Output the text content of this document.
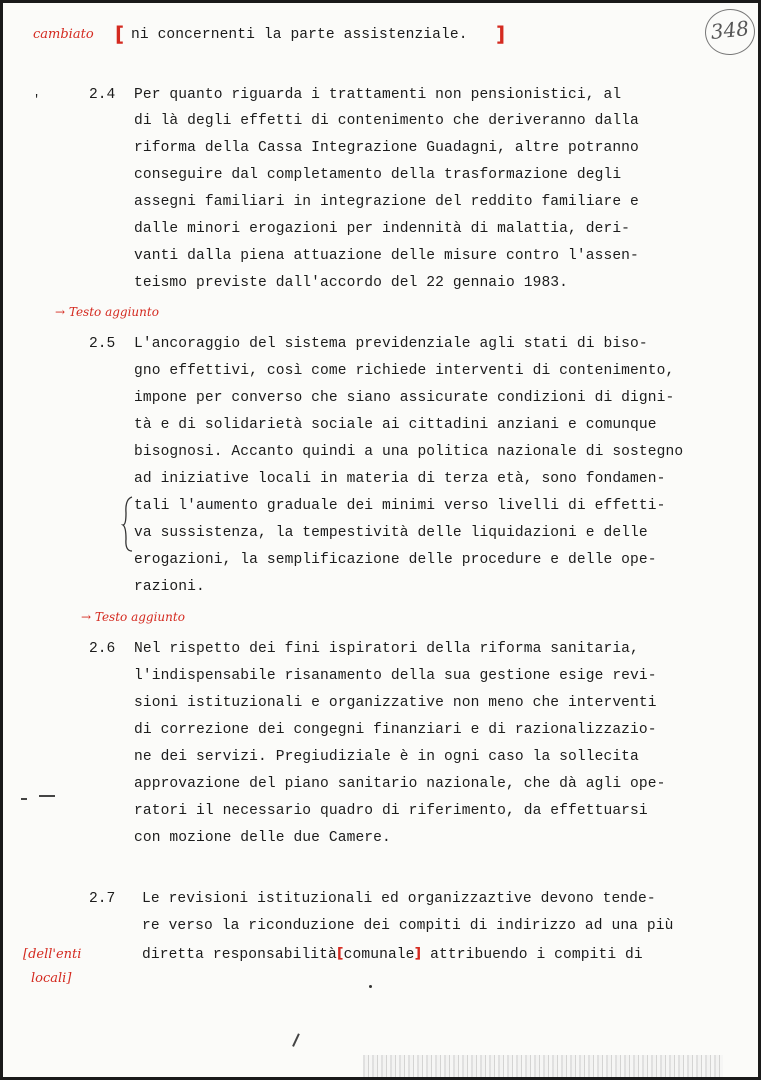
348
cambiato [ ni concernenti la parte assistenziale. ]
'	2.4 Per quanto riguarda i trattamenti non pensionistici, al
di là degli effetti di contenimento che deriveranno dalla
riforma della Cassa Integrazione Guadagni, altre potranno
conseguire dal completamento della trasformazione degli
assegni familiari in integrazione del reddito familiare e
dalle minori erogazioni per indennità di malattia, deri-
vanti dalla piena attuazione delle misure contro l'assen-
teismo previste dall'accordo del 22 gennaio 1983.
→ Testo aggiunto
2.5 L'ancoraggio del sistema previdenziale agli stati di biso-
gno effettivi, così come richiede interventi di contenimento,
impone per converso che siano assicurate condizioni di digni-
tà e di solidarietà sociale ai cittadini anziani e comunque
bisognosi. Accanto quindi a una politica nazionale di sostegno
ad iniziative locali in materia di terza età, sono fondamen-
tali l'aumento graduale dei minimi verso livelli di effetti-
va sussistenza, la tempestività delle liquidazioni e delle
erogazioni, la semplificazione delle procedure e delle ope-
razioni.
→ Testo aggiunto
2.6 Nel rispetto dei fini ispiratori della riforma sanitaria,
l'indispensabile risanamento della sua gestione esige revi-
sioni istituzionali e organizzative non meno che interventi
di correzione dei congegni finanziari e di razionalizzazio-
ne dei servizi. Pregiudiziale è in ogni caso la sollecita
approvazione del piano sanitario nazionale, che dà agli ope-
ratori il necessario quadro di riferimento, da effettuarsi
con mozione delle due Camere.
2.7 Le revisioni istituzionali ed organizzaztive devono tende-
re verso la riconduzione dei compiti di indirizzo ad una più
diretta responsabilità[comunale] attribuendo i compiti di
[dell'enti
locali]
